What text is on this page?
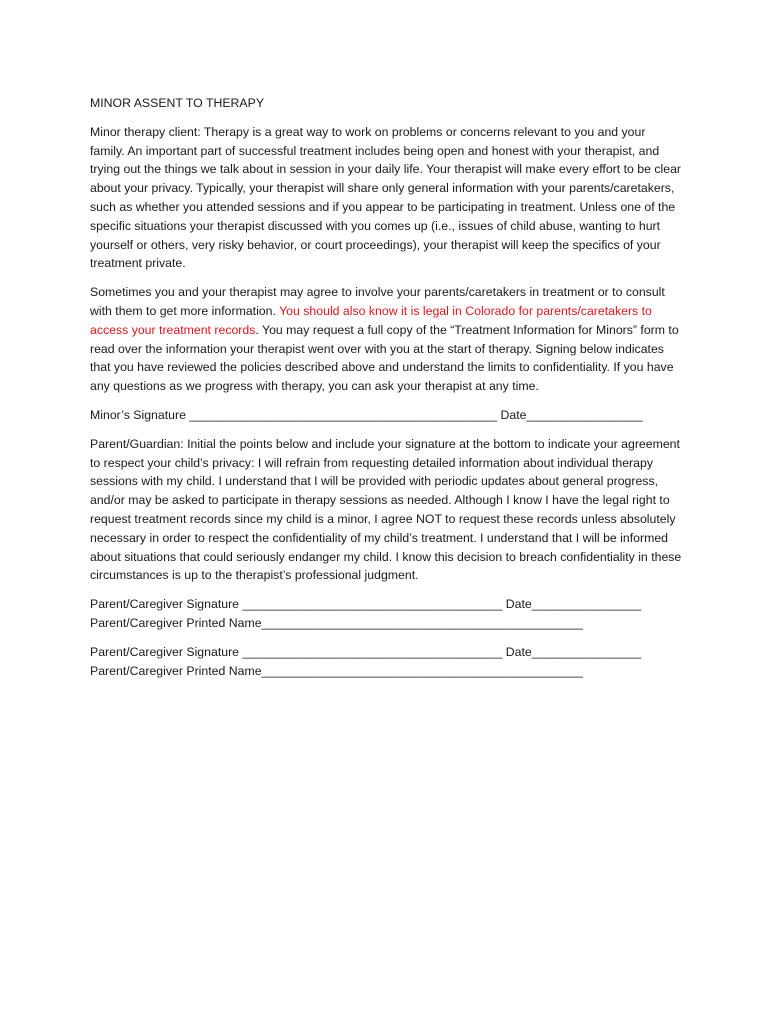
MINOR ASSENT TO THERAPY

Minor therapy client: Therapy is a great way to work on problems or concerns relevant to you and your family. An important part of successful treatment includes being open and honest with your therapist, and trying out the things we talk about in session in your daily life. Your therapist will make every effort to be clear about your privacy. Typically, your therapist will share only general information with your parents/caretakers, such as whether you attended sessions and if you appear to be participating in treatment. Unless one of the specific situations your therapist discussed with you comes up (i.e., issues of child abuse, wanting to hurt yourself or others, very risky behavior, or court proceedings), your therapist will keep the specifics of your treatment private.

Sometimes you and your therapist may agree to involve your parents/caretakers in treatment or to consult with them to get more information. You should also know it is legal in Colorado for parents/caretakers to access your treatment records. You may request a full copy of the “Treatment Information for Minors” form to read over the information your therapist went over with you at the start of therapy. Signing below indicates that you have reviewed the policies described above and understand the limits to confidentiality. If you have any questions as we progress with therapy, you can ask your therapist at any time.

Minor’s Signature _____________________________________________ Date_________________

Parent/Guardian: Initial the points below and include your signature at the bottom to indicate your agreement to respect your child’s privacy: I will refrain from requesting detailed information about individual therapy sessions with my child. I understand that I will be provided with periodic updates about general progress, and/or may be asked to participate in therapy sessions as needed. Although I know I have the legal right to request treatment records since my child is a minor, I agree NOT to request these records unless absolutely necessary in order to respect the confidentiality of my child’s treatment. I understand that I will be informed about situations that could seriously endanger my child. I know this decision to breach confidentiality in these circumstances is up to the therapist’s professional judgment.

Parent/Caregiver Signature ______________________________________ Date________________
Parent/Caregiver Printed Name_______________________________________________
Parent/Caregiver Signature ______________________________________ Date________________
Parent/Caregiver Printed Name_______________________________________________
